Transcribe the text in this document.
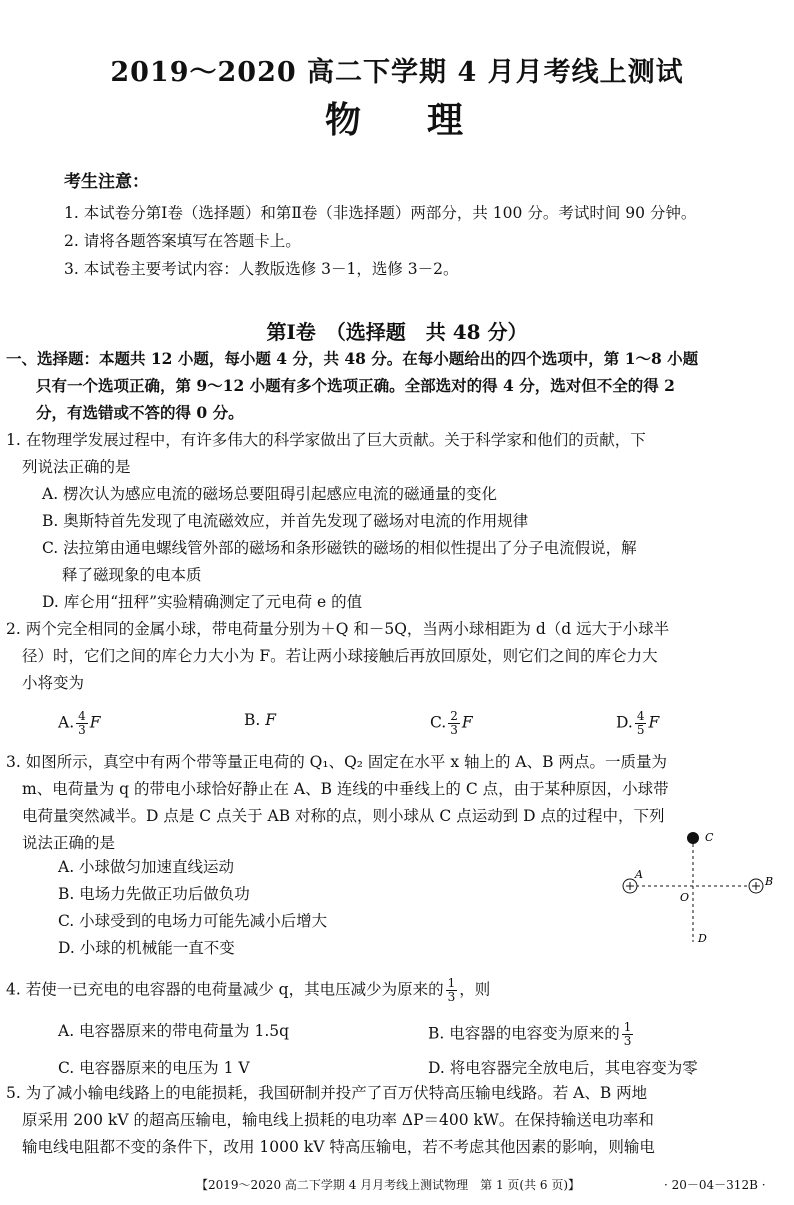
2019～2020 高二下学期 4 月月考线上测试
物 理
考生注意：
1. 本试卷分第Ⅰ卷（选择题）和第Ⅱ卷（非选择题）两部分，共 100 分。考试时间 90 分钟。
2. 请将各题答案填写在答题卡上。
3. 本试卷主要考试内容：人教版选修 3－1，选修 3－2。
第Ⅰ卷　（选择题　共 48 分）
一、选择题：本题共 12 小题，每小题 4 分，共 48 分。在每小题给出的四个选项中，第 1～8 小题
只有一个选项正确，第 9～12 小题有多个选项正确。全部选对的得 4 分，选对但不全的得 2
分，有选错或不答的得 0 分。
1. 在物理学发展过程中，有许多伟大的科学家做出了巨大贡献。关于科学家和他们的贡献，下
列说法正确的是
A. 楞次认为感应电流的磁场总要阻碍引起感应电流的磁通量的变化
B. 奥斯特首先发现了电流磁效应，并首先发现了磁场对电流的作用规律
C. 法拉第由通电螺线管外部的磁场和条形磁铁的磁场的相似性提出了分子电流假说，解
释了磁现象的电本质
D. 库仑用“扭秤”实验精确测定了元电荷 e 的值
2. 两个完全相同的金属小球，带电荷量分别为＋Q 和－5Q，当两小球相距为 d（d 远大于小球半
径）时，它们之间的库仑力大小为 F。若让两小球接触后再放回原处，则它们之间的库仑力大
小将变为
A. $\frac{4}{3}$ F	B. F	C. $\frac{2}{3}$ F	D. $\frac{4}{5}$ F
3. 如图所示，真空中有两个带等量正电荷的 Q₁、Q₂ 固定在水平 x 轴上的 A、B 两点。一质量为
m、电荷量为 q 的带电小球恰好静止在 A、B 连线的中垂线上的 C 点，由于某种原因，小球带
电荷量突然减半。D 点是 C 点关于 AB 对称的点，则小球从 C 点运动到 D 点的过程中，下列
说法正确的是
A. 小球做匀加速直线运动
B. 电场力先做正功后做负功
C. 小球受到的电场力可能先减小后增大
D. 小球的机械能一直不变
C
A
B
O
D
4. 若使一已充电的电容器的电荷量减少 q，其电压减少为原来的 $\frac{1}{3}$ ，则
A. 电容器原来的带电荷量为 1.5q	B. 电容器的电容变为原来的 $\frac{1}{3}$
C. 电容器原来的电压为 1 V	D. 将电容器完全放电后，其电容变为零
5. 为了减小输电线路上的电能损耗，我国研制并投产了百万伏特高压输电线路。若 A、B 两地
原采用 200 kV 的超高压输电，输电线上损耗的电功率 ΔP＝400 kW。在保持输送电功率和
输电线电阻都不变的条件下，改用 1000 kV 特高压输电，若不考虑其他因素的影响，则输电
【2019～2020 高二下学期 4 月月考线上测试物理　第 1 页(共 6 页)】	· 20－04－312B ·
